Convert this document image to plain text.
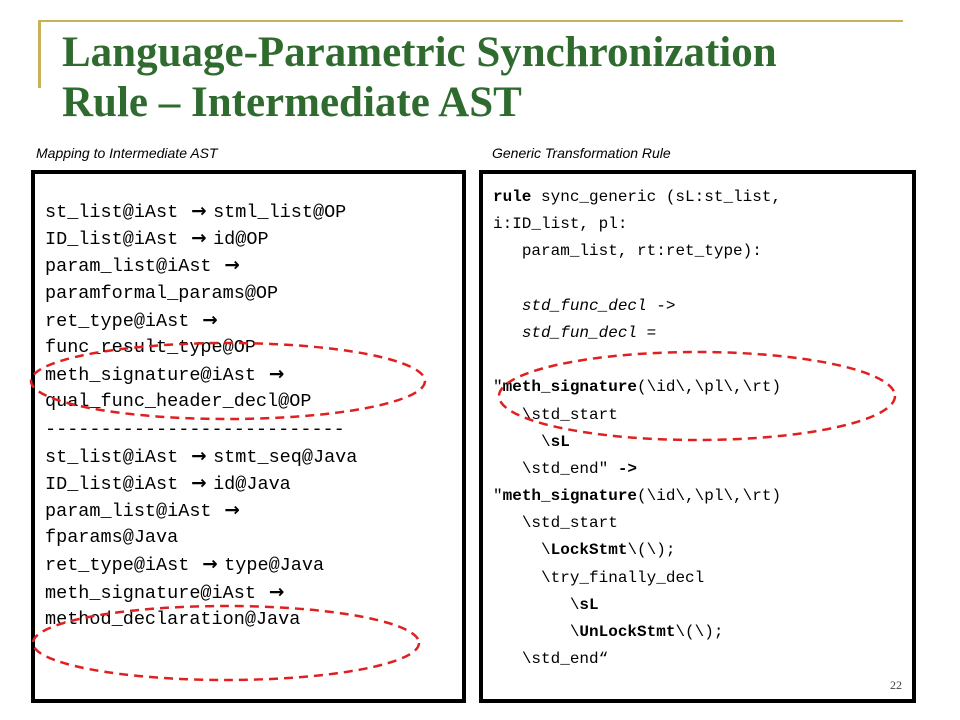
Language-Parametric Synchronization
Rule – Intermediate AST
Mapping to Intermediate AST	Generic Transformation Rule
st_list@iAst  → stml_list@OP
ID_list@iAst  → id@OP
param_list@iAst  →
paramformal_params@OP
ret_type@iAst  →
func_result_type@OP
meth_signature@iAst  →
qual_func_header_decl@OP
---------------------------
st_list@iAst  → stmt_seq@Java
ID_list@iAst  → id@Java
param_list@iAst  →
fparams@Java
ret_type@iAst  → type@Java
meth_signature@iAst  →
method_declaration@Java
rule sync_generic (sL:st_list,
i:ID_list, pl:
param_list, rt:ret_type):
std_func_decl ->
std_fun_decl =
"meth_signature(\id\,\pl\,\rt)
\std_start
\sL
\std_end" ->
"meth_signature(\id\,\pl\,\rt)
\std_start
\LockStmt\(\);
\try_finally_decl
\sL
\UnLockStmt\(\);
\std_end“
22
